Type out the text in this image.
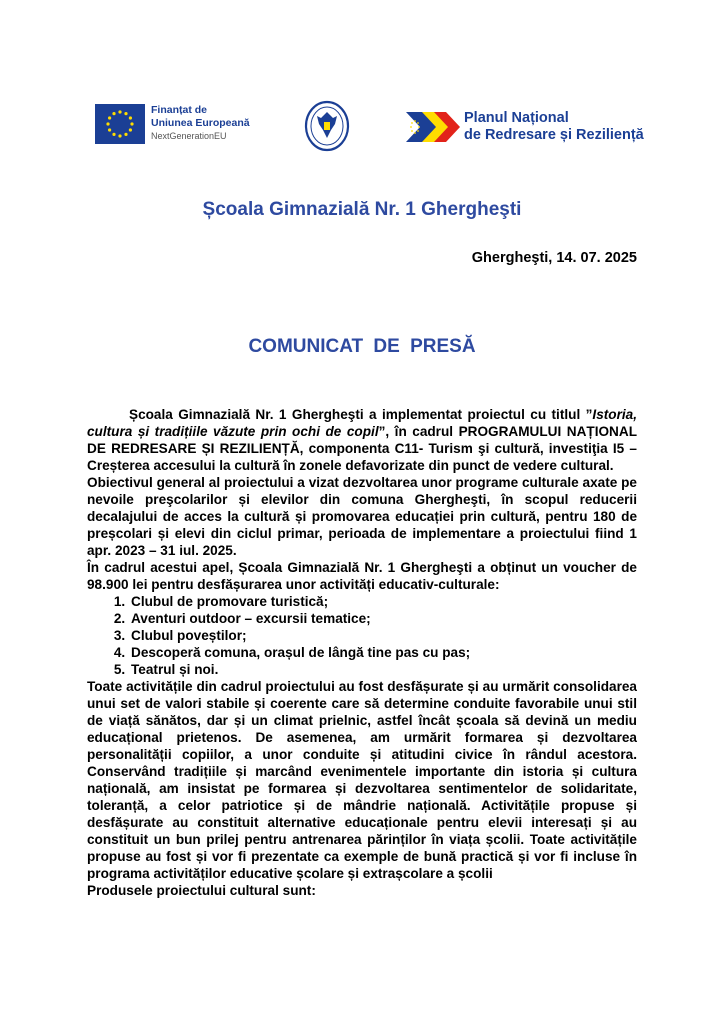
Finanțat de
Uniunea Europeană
NextGenerationEU
Planul Național
de Redresare și Reziliență
Școala Gimnazială Nr. 1 Ghergheşti
Ghergheşti, 14. 07. 2025
COMUNICAT DE PRESĂ

Școala Gimnazială Nr. 1 Ghergheşti a implementat proiectul cu titlul ”Istoria, cultura și tradițiile văzute prin ochi de copil”, în cadrul PROGRAMULUI NAȚIONAL DE REDRESARE ȘI REZILIENȚĂ, componenta C11- Turism şi cultură, investiţia I5 – Creșterea accesului la cultură în zonele defavorizate din punct de vedere cultural.

Obiectivul general al proiectului a vizat dezvoltarea unor programe culturale axate pe nevoile preşcolarilor și elevilor din comuna Ghergheşti, în scopul reducerii decalajului de acces la cultură și promovarea educației prin cultură, pentru 180 de preșcolari și elevi din ciclul primar, perioada de implementare a proiectului fiind 1 apr. 2023 – 31 iul. 2025.

În cadrul acestui apel, Școala Gimnazială Nr. 1 Ghergheşti a obținut un voucher de 98.900 lei pentru desfășurarea unor activități educativ-culturale:

1. Clubul de promovare turistică;
2. Aventuri outdoor – excursii tematice;
3. Clubul poveștilor;
4. Descoperă comuna, orașul de lângă tine pas cu pas;
5. Teatrul și noi.

Toate activitățile din cadrul proiectului au fost desfășurate și au urmărit consolidarea unui set de valori stabile și coerente care să determine conduite favorabile unui stil de viață sănătos, dar și un climat prielnic, astfel încât școala să devină un mediu educațional prietenos. De asemenea, am urmărit formarea și dezvoltarea personalității copiilor, a unor conduite și atitudini civice în rândul acestora. Conservând tradițiile și marcând evenimentele importante din istoria și cultura națională, am insistat pe formarea și dezvoltarea sentimentelor de solidaritate, toleranță, a celor patriotice și de mândrie națională. Activitățile propuse și desfășurate au constituit alternative educaționale pentru elevii interesați și au constituit un bun prilej pentru antrenarea părinților în viața școlii. Toate activitățile propuse au fost și vor fi prezentate ca exemple de bună practică și vor fi incluse în programa activităților educative școlare și extrașcolare a școlii

Produsele proiectului cultural sunt:
